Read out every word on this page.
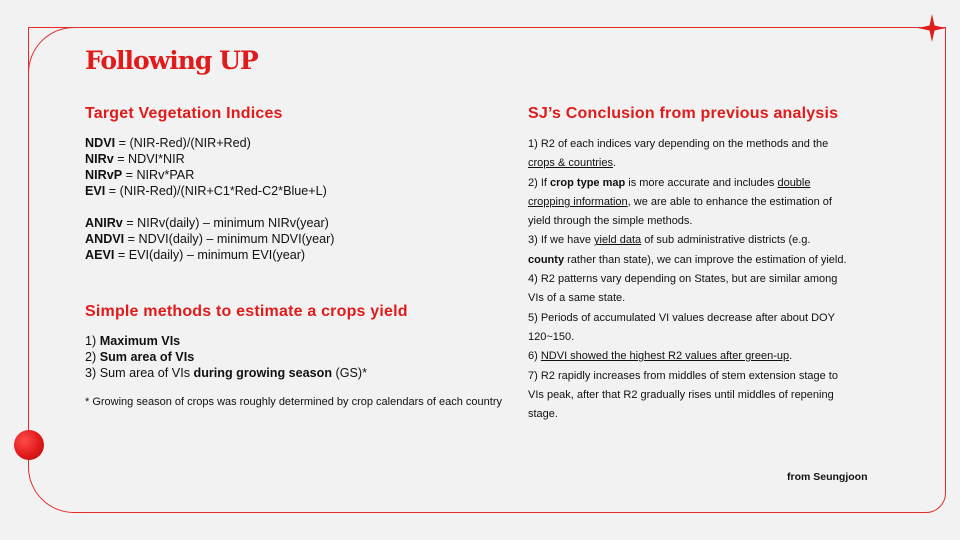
Following UP
Target Vegetation Indices
NDVI = (NIR-Red)/(NIR+Red)
NIRv = NDVI*NIR
NIRvP = NIRv*PAR
EVI = (NIR-Red)/(NIR+C1*Red-C2*Blue+L)
ANIRv = NIRv(daily) – minimum NIRv(year)
ANDVI = NDVI(daily) – minimum NDVI(year)
AEVI = EVI(daily) – minimum EVI(year)
Simple methods to estimate a crops yield
1) Maximum VIs
2) Sum area of VIs
3) Sum area of VIs during growing season (GS)*
* Growing season of crops was roughly determined by crop calendars of each country
SJ’s Conclusion from previous analysis
1) R2 of each indices vary depending on the methods and the
crops & countries.
2) If crop type map is more accurate and includes double
cropping information, we are able to enhance the estimation of
yield through the simple methods.
3) If we have yield data of sub administrative districts (e.g.
county rather than state), we can improve the estimation of yield.
4) R2 patterns vary depending on States, but are similar among
VIs of a same state.
5) Periods of accumulated VI values decrease after about DOY
120~150.
6) NDVI showed the highest R2 values after green-up.
7) R2 rapidly increases from middles of stem extension stage to
VIs peak, after that R2 gradually rises until middles of repening
stage.
from Seungjoon
